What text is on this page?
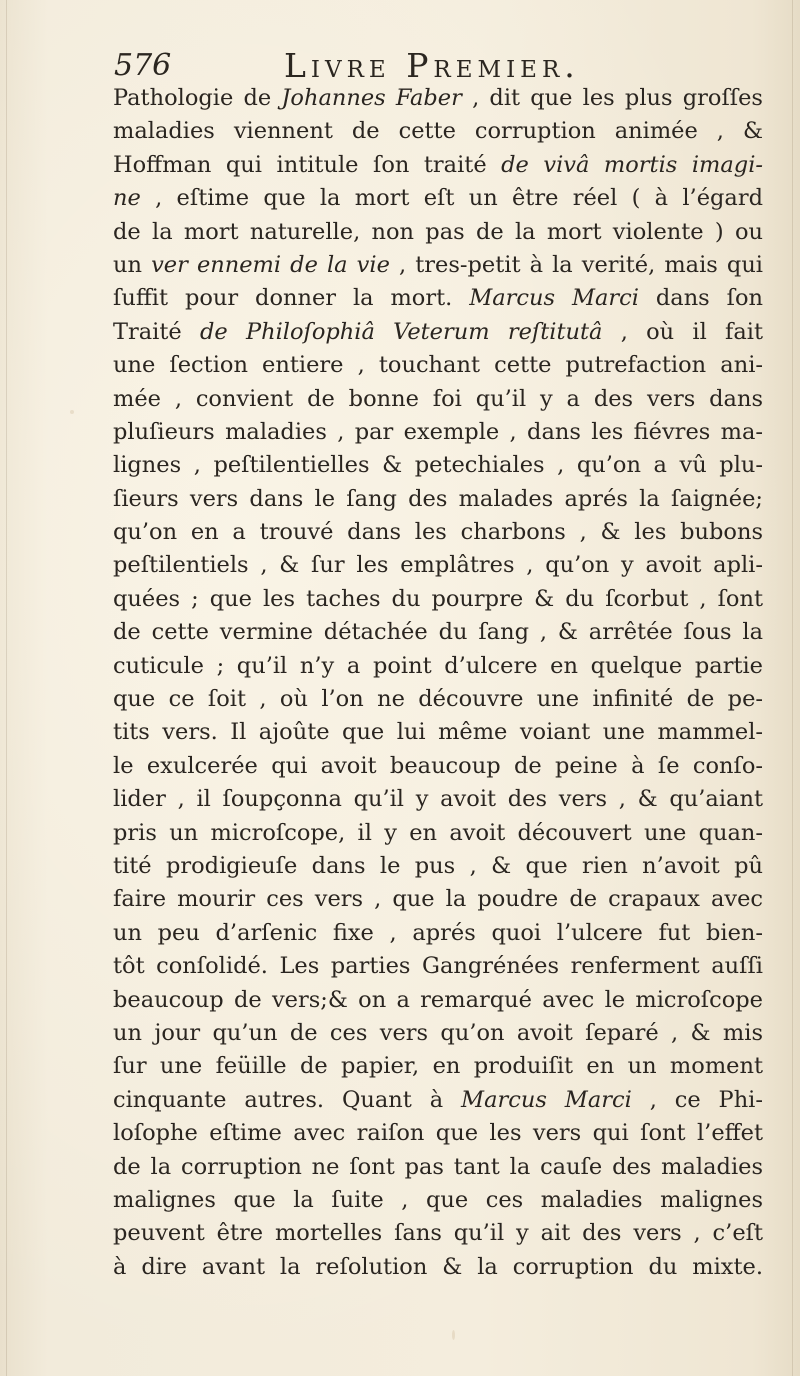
576	Livre Premier.
Pathologie de Johannes Faber , dit que les plus groſſes
maladies viennent de cette corruption animée , &
Hoffman qui intitule ſon traité de vivâ mortis imagi-
ne , eſtime que la mort eſt un être réel ( à l’égard
de la mort naturelle, non pas de la mort violente ) ou
un ver ennemi de la vie , tres-petit à la verité, mais qui
ſuffit pour donner la mort. Marcus Marci dans ſon
Traité de Philoſophiâ Veterum reſtitutâ , où il fait
une ſection entiere , touchant cette putrefaction ani-
mée , convient de bonne foi qu’il y a des vers dans
pluſieurs maladies , par exemple , dans les fiévres ma-
lignes , peſtilentielles & petechiales , qu’on a vû plu-
ſieurs vers dans le ſang des malades aprés la ſaignée;
qu’on en a trouvé dans les charbons , & les bubons
peſtilentiels , & ſur les emplâtres , qu’on y avoit apli-
quées ; que les taches du pourpre & du ſcorbut , ſont
de cette vermine détachée du ſang , & arrêtée ſous la
cuticule ; qu’il n’y a point d’ulcere en quelque partie
que ce ſoit , où l’on ne découvre une infinité de pe-
tits vers. Il ajoûte que lui même voiant une mammel-
le exulcerée qui avoit beaucoup de peine à ſe conſo-
lider , il ſoupçonna qu’il y avoit des vers , & qu’aiant
pris un microſcope, il y en avoit découvert une quan-
tité prodigieuſe dans le pus , & que rien n’avoit pû
faire mourir ces vers , que la poudre de crapaux avec
un peu d’arſenic fixe , aprés quoi l’ulcere fut bien-
tôt conſolidé. Les parties Gangrénées renferment auſſi
beaucoup de vers;& on a remarqué avec le microſcope
un jour qu’un de ces vers qu’on avoit ſeparé , & mis
ſur une feüille de papier, en produiſit en un moment
cinquante autres. Quant à Marcus Marci , ce Phi-
loſophe eſtime avec raiſon que les vers qui ſont l’effet
de la corruption ne ſont pas tant la cauſe des maladies
malignes que la ſuite , que ces maladies malignes
peuvent être mortelles ſans qu’il y ait des vers , c’eſt
à dire avant la reſolution & la corruption du mixte.
